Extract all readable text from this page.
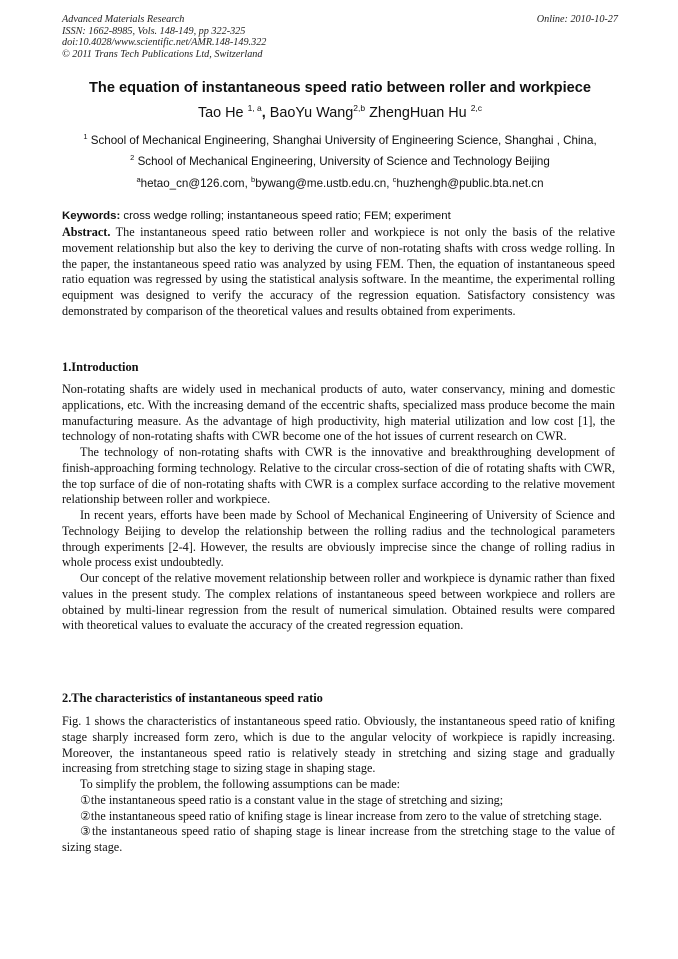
Advanced Materials Research
ISSN: 1662-8985, Vols. 148-149, pp 322-325
doi:10.4028/www.scientific.net/AMR.148-149.322
© 2011 Trans Tech Publications Ltd, Switzerland
Online: 2010-10-27
The equation of instantaneous speed ratio between roller and workpiece
Tao He $^{1, a}$, BaoYu Wang$^{2,b}$ ZhengHuan Hu $^{2,c}$
$^1$ School of Mechanical Engineering, Shanghai University of Engineering Science, Shanghai , China,
$^2$ School of Mechanical Engineering, University of Science and Technology Beijing
$^a$hetao_cn@126.com, $^b$bywang@me.ustb.edu.cn, $^c$huzhengh@public.bta.net.cn
Keywords: cross wedge rolling; instantaneous speed ratio; FEM; experiment
Abstract. The instantaneous speed ratio between roller and workpiece is not only the basis of the relative movement relationship but also the key to deriving the curve of non-rotating shafts with cross wedge rolling. In the paper, the instantaneous speed ratio was analyzed by using FEM. Then, the equation of instantaneous speed ratio equation was regressed by using the statistical analysis software. In the meantime, the experimental rolling equipment was designed to verify the accuracy of the regression equation. Satisfactory consistency was demonstrated by comparison of the theoretical values and results obtained from experiments.
1.Introduction

Non-rotating shafts are widely used in mechanical products of auto, water conservancy, mining and domestic applications, etc. With the increasing demand of the eccentric shafts, specialized mass produce become the main manufacturing measure. As the advantage of high productivity, high material utilization and low cost [1], the technology of non-rotating shafts with CWR become one of the hot issues of current research on CWR.

The technology of non-rotating shafts with CWR is the innovative and breakthroughing development of finish-approaching forming technology. Relative to the circular cross-section of die of rotating shafts with CWR, the top surface of die of non-rotating shafts with CWR is a complex surface according to the relative movement relationship between roller and workpiece.

In recent years, efforts have been made by School of Mechanical Engineering of University of Science and Technology Beijing to develop the relationship between the rolling radius and the technological parameters through experiments [2-4]. However, the results are obviously imprecise since the change of rolling radius in whole process exist undoubtedly.

Our concept of the relative movement relationship between roller and workpiece is dynamic rather than fixed values in the present study. The complex relations of instantaneous speed between workpiece and rollers are obtained by multi-linear regression from the result of numerical simulation. Obtained results were compared with theoretical values to evaluate the accuracy of the created regression equation.

2.The characteristics of instantaneous speed ratio

Fig. 1 shows the characteristics of instantaneous speed ratio. Obviously, the instantaneous speed ratio of knifing stage sharply increased form zero, which is due to the angular velocity of workpiece is rapidly increasing. Moreover, the instantaneous speed ratio is relatively steady in stretching and sizing stage and gradually increasing from stretching stage to sizing stage in shaping stage.

To simplify the problem, the following assumptions can be made:

①the instantaneous speed ratio is a constant value in the stage of stretching and sizing;

②the instantaneous speed ratio of knifing stage is linear increase from zero to the value of stretching stage.

③the instantaneous speed ratio of shaping stage is linear increase from the stretching stage to the value of sizing stage.
